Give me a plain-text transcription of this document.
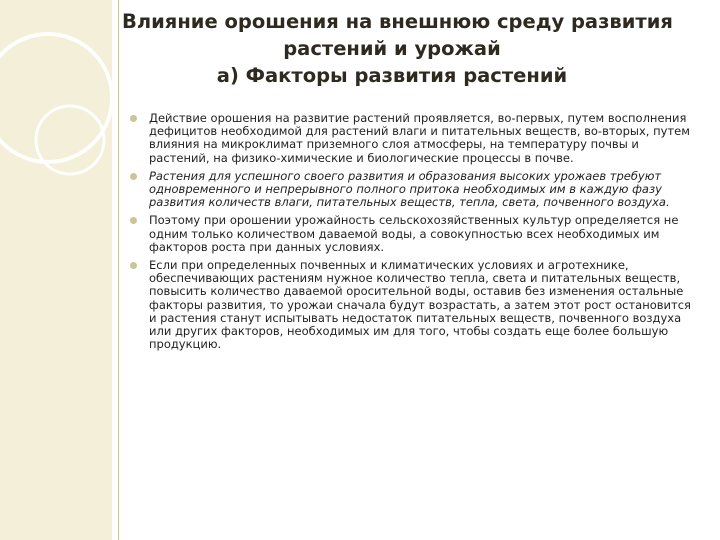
Влияние орошения на внешнюю среду развития
растений и урожай
а) Факторы развития растений
Действие орошения на развитие растений проявляется, во-первых, путем восполнения дефицитов необходимой для растений влаги и питательных веществ, во-вторых, путем влияния на микроклимат приземного слоя атмосферы, на температуру почвы и растений, на физико-химические и биологические процессы в почве.
Растения для успешного своего развития и образования высоких урожаев требуют одновременного и непрерывного полного притока необходимых им в каждую фазу развития количеств влаги, питательных веществ, тепла, света, почвенного воздуха.
Поэтому при орошении урожайность сельскохозяйственных культур определяется не одним только количеством даваемой воды, а совокупностью всех необходимых им факторов роста при данных условиях.
Если при определенных почвенных и климатических условиях и агротехнике, обеспечивающих растениям нужное количество тепла, света и питательных веществ, повысить количество даваемой оросительной воды, оставив без изменения остальные факторы развития, то урожаи сначала будут возрастать, а затем этот рост остановится и растения станут испытывать недостаток питательных веществ, почвенного воздуха или других факторов, необходимых им для того, чтобы создать еще более большую продукцию.
